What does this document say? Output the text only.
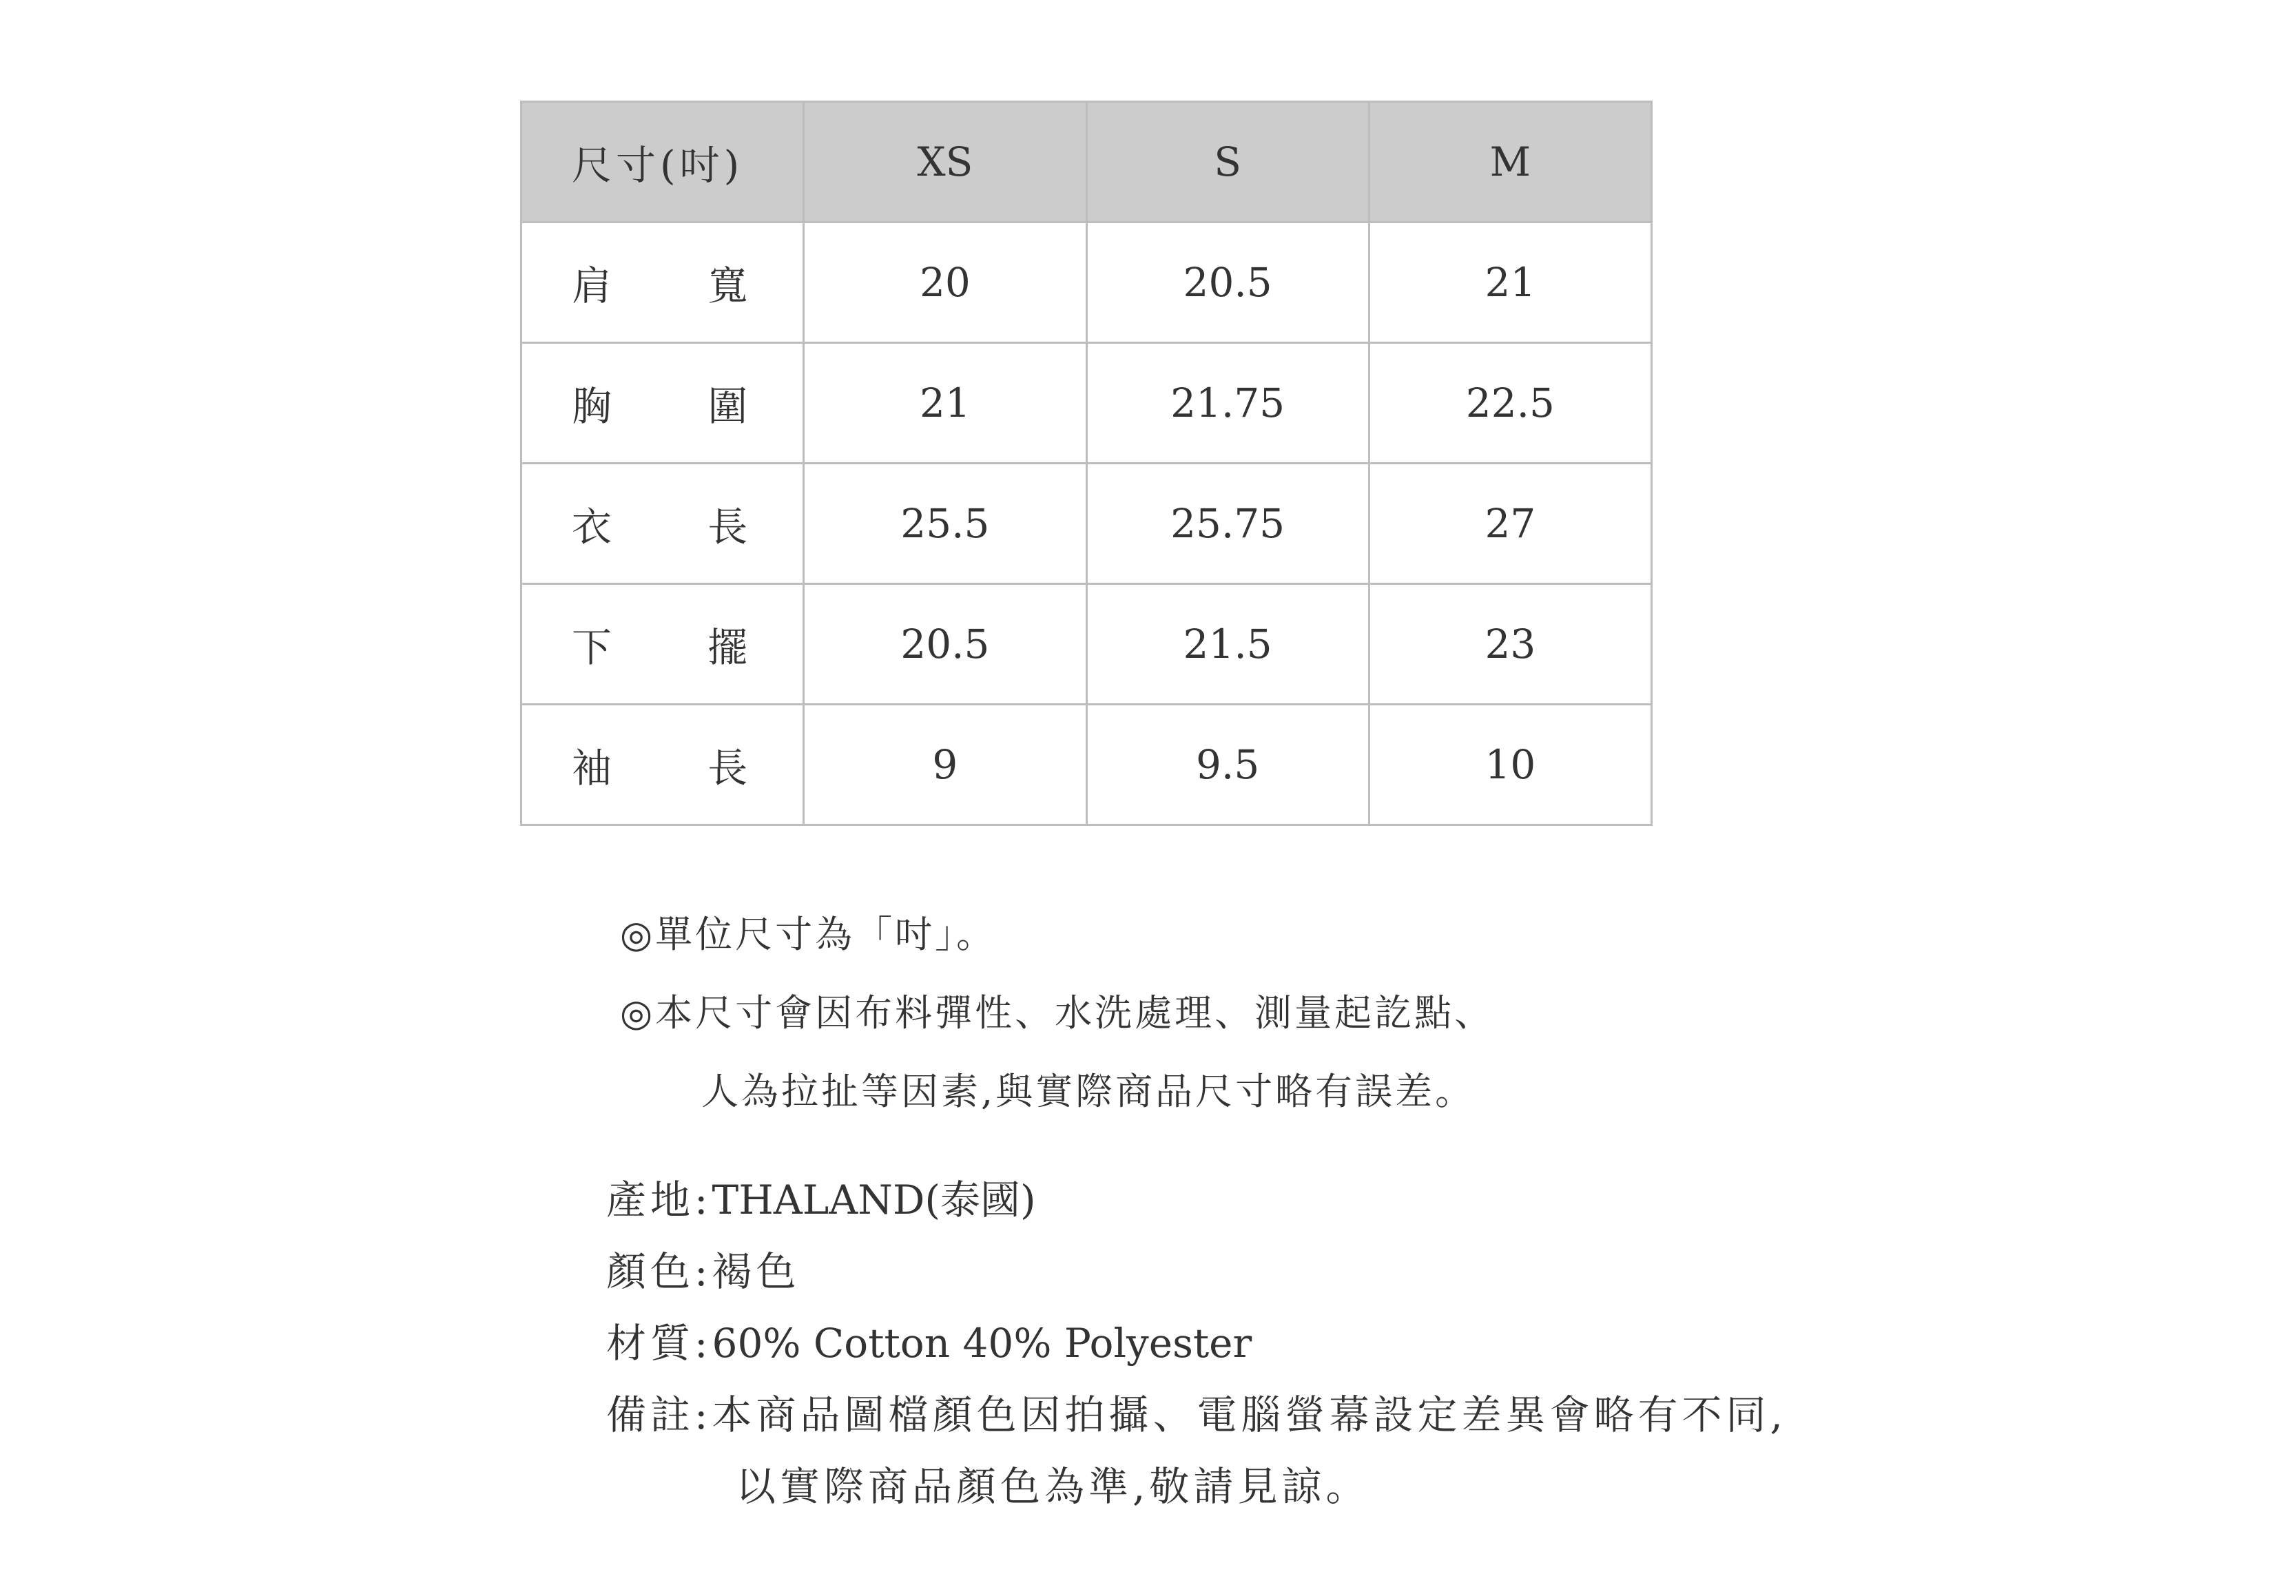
尺寸(吋)	XS	S	M

肩寬	20	20.5	21

胸圍	21	21.75	22.5

衣長	25.5	25.75	27

下擺	20.5	21.5	23

袖長	9	9.5	10
◎單位尺寸為「吋」。
◎本尺寸會因布料彈性、水洗處理、測量起訖點、
人為拉扯等因素,與實際商品尺寸略有誤差。
產地:THALAND(泰國)
顏色:褐色
材質:60% Cotton 40% Polyester
備註:本商品圖檔顏色因拍攝、電腦螢幕設定差異會略有不同,
以實際商品顏色為準,敬請見諒。
